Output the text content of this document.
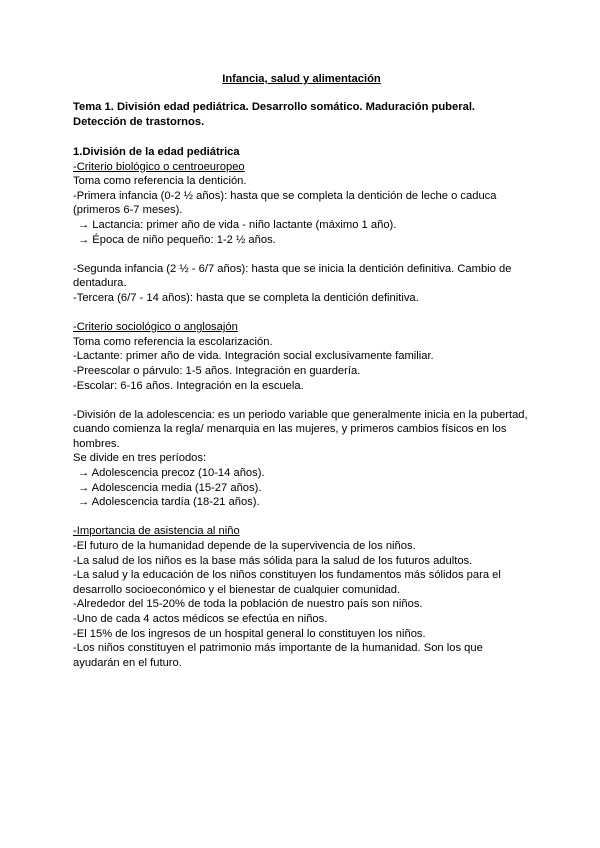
Infancia, salud y alimentación

Tema 1. División edad pediátrica. Desarrollo somático. Maduración puberal. Detección de trastornos.

1.División de la edad pediátrica

-Criterio biológico o centroeuropeo

Toma como referencia la dentición.

-Primera infancia (0-2 ½ años): hasta que se completa la dentición de leche o caduca (primeros 6-7 meses).

→ Lactancia: primer año de vida - niño lactante (máximo 1 año).

→ Época de niño pequeño: 1-2 ½ años.

-Segunda infancia (2 ½ - 6/7 años): hasta que se inicia la dentición definitiva. Cambio de dentadura.

-Tercera (6/7 - 14 años): hasta que se completa la dentición definitiva.

-Criterio sociológico o anglosajón

Toma como referencia la escolarización.

-Lactante: primer año de vida. Integración social exclusivamente familiar.

-Preescolar o párvulo: 1-5 años. Integración en guardería.

-Escolar: 6-16 años. Integración en la escuela.

-División de la adolescencia: es un periodo variable que generalmente inicia en la pubertad, cuando comienza la regla/ menarquia en las mujeres, y primeros cambios físicos en los hombres.

Se divide en tres períodos:

→ Adolescencia precoz (10-14 años).

→ Adolescencia media (15-27 años).

→ Adolescencia tardía (18-21 años).

-Importancia de asistencia al niño

-El futuro de la humanidad depende de la supervivencia de los niños.

-La salud de los niños es la base más sólida para la salud de los futuros adultos.

-La salud y la educación de los niños constituyen los fundamentos más sólidos para el desarrollo socioeconómico y el bienestar de cualquier comunidad.

-Alrededor del 15-20% de toda la población de nuestro país son niños.

-Uno de cada 4 actos médicos se efectúa en niños.

-El 15% de los ingresos de un hospital general lo constituyen los niños.

-Los niños constituyen el patrimonio más importante de la humanidad. Son los que ayudarán en el futuro.
